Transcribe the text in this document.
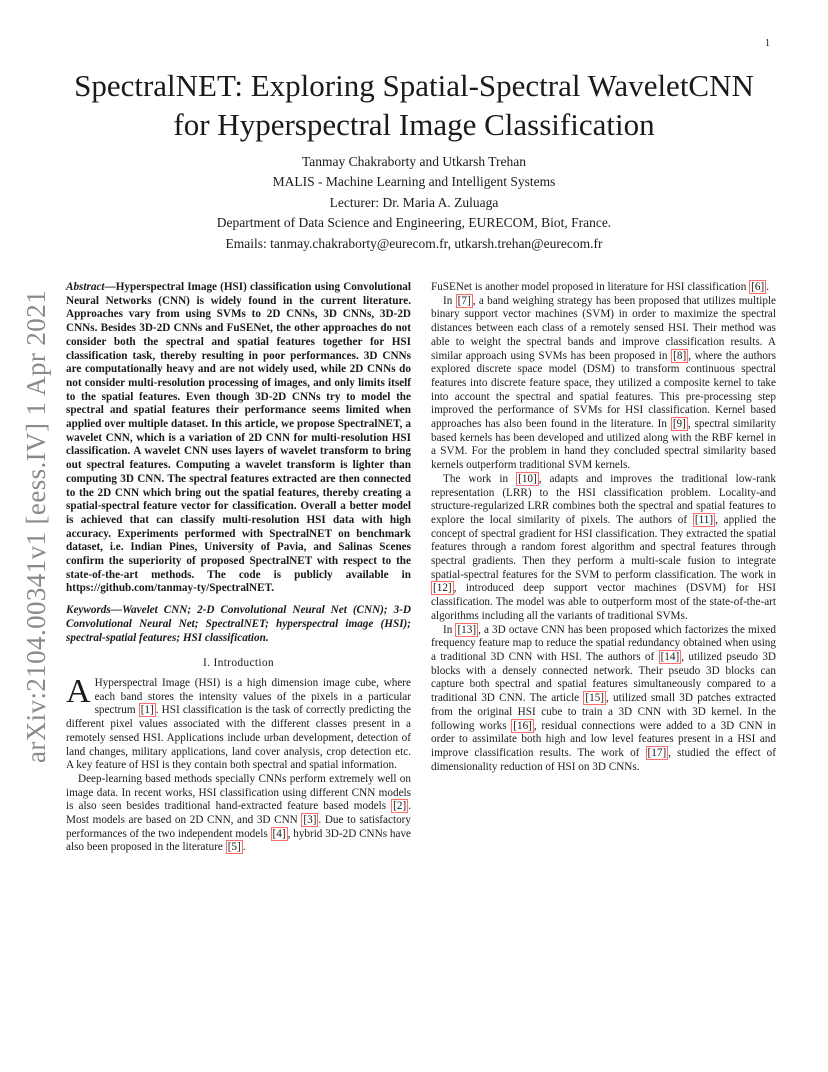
1
arXiv:2104.00341v1 [eess.IV] 1 Apr 2021
SpectralNET: Exploring Spatial-Spectral WaveletCNN for Hyperspectral Image Classification
Tanmay Chakraborty and Utkarsh Trehan
MALIS - Machine Learning and Intelligent Systems
Lecturer: Dr. Maria A. Zuluaga
Department of Data Science and Engineering, EURECOM, Biot, France.
Emails: tanmay.chakraborty@eurecom.fr, utkarsh.trehan@eurecom.fr

Abstract—Hyperspectral Image (HSI) classification using Convolutional Neural Networks (CNN) is widely found in the current literature. Approaches vary from using SVMs to 2D CNNs, 3D CNNs, 3D-2D CNNs. Besides 3D-2D CNNs and FuSENet, the other approaches do not consider both the spectral and spatial features together for HSI classification task, thereby resulting in poor performances. 3D CNNs are computationally heavy and are not widely used, while 2D CNNs do not consider multi-resolution processing of images, and only limits itself to the spatial features. Even though 3D-2D CNNs try to model the spectral and spatial features their performance seems limited when applied over multiple dataset. In this article, we propose SpectralNET, a wavelet CNN, which is a variation of 2D CNN for multi-resolution HSI classification. A wavelet CNN uses layers of wavelet transform to bring out spectral features. Computing a wavelet transform is lighter than computing 3D CNN. The spectral features extracted are then connected to the 2D CNN which bring out the spatial features, thereby creating a spatial-spectral feature vector for classification. Overall a better model is achieved that can classify multi-resolution HSI data with high accuracy. Experiments performed with SpectralNET on benchmark dataset, i.e. Indian Pines, University of Pavia, and Salinas Scenes confirm the superiority of proposed SpectralNET with respect to the state-of-the-art methods. The code is publicly available in https://github.com/tanmay-ty/SpectralNET.

Keywords—Wavelet CNN; 2-D Convolutional Neural Net (CNN); 3-D Convolutional Neural Net; SpectralNET; hyperspectral image (HSI); spectral-spatial features; HSI classification.

I. Introduction

A Hyperspectral Image (HSI) is a high dimension image cube, where each band stores the intensity values of the pixels in a particular spectrum [1] . HSI classification is the task of correctly predicting the different pixel values associated with the different classes present in a remotely sensed HSI. Applications include urban development, detection of land changes, military applications, land cover analysis, crop detection etc. A key feature of HSI is they contain both spectral and spatial information.

Deep-learning based methods specially CNNs perform extremely well on image data. In recent works, HSI classification using different CNN models is also seen besides traditional hand-extracted feature based models [2] . Most models are based on 2D CNN, and 3D CNN [3] . Due to satisfactory performances of the two independent models [4] , hybrid 3D-2D CNNs have also been proposed in the literature [5] .

FuSENet is another model proposed in literature for HSI classification [6] .

In [7] , a band weighing strategy has been proposed that utilizes multiple binary support vector machines (SVM) in order to maximize the spectral distances between each class of a remotely sensed HSI. Their method was able to weight the spectral bands and improve classification results. A similar approach using SVMs has been proposed in [8] , where the authors explored discrete space model (DSM) to transform continuous spectral features into discrete feature space, they utilized a composite kernel to take into account the spectral and spatial features. This pre-processing step improved the performance of SVMs for HSI classification. Kernel based approaches has also been found in the literature. In [9] , spectral similarity based kernels has been developed and utilized along with the RBF kernel in a SVM. For the problem in hand they concluded spectral similarity based kernels outperform traditional SVM kernels.

The work in [10] , adapts and improves the traditional low-rank representation (LRR) to the HSI classification problem. Locality-and structure-regularized LRR combines both the spectral and spatial features to explore the local similarity of pixels. The authors of [11] , applied the concept of spectral gradient for HSI classification. They extracted the spatial features through a random forest algorithm and spectral features through spectral gradients. Then they perform a multi-scale fusion to integrate spatial-spectral features for the SVM to perform classification. The work in [12] , introduced deep support vector machines (DSVM) for HSI classification. The model was able to outperform most of the state-of-the-art algorithms including all the variants of traditional SVMs.

In [13] , a 3D octave CNN has been proposed which factorizes the mixed frequency feature map to reduce the spatial redundancy obtained when using a traditional 3D CNN with HSI. The authors of [14] , utilized pseudo 3D blocks with a densely connected network. Their pseudo 3D blocks can capture both spectral and spatial features simultaneously compared to a traditional 3D CNN. The article [15] , utilized small 3D patches extracted from the original HSI cube to train a 3D CNN with 3D kernel. In the following works [16] , residual connections were added to a 3D CNN in order to assimilate both high and low level features present in a HSI and improve classification results. The work of [17] , studied the effect of dimensionality reduction of HSI on 3D CNNs.
